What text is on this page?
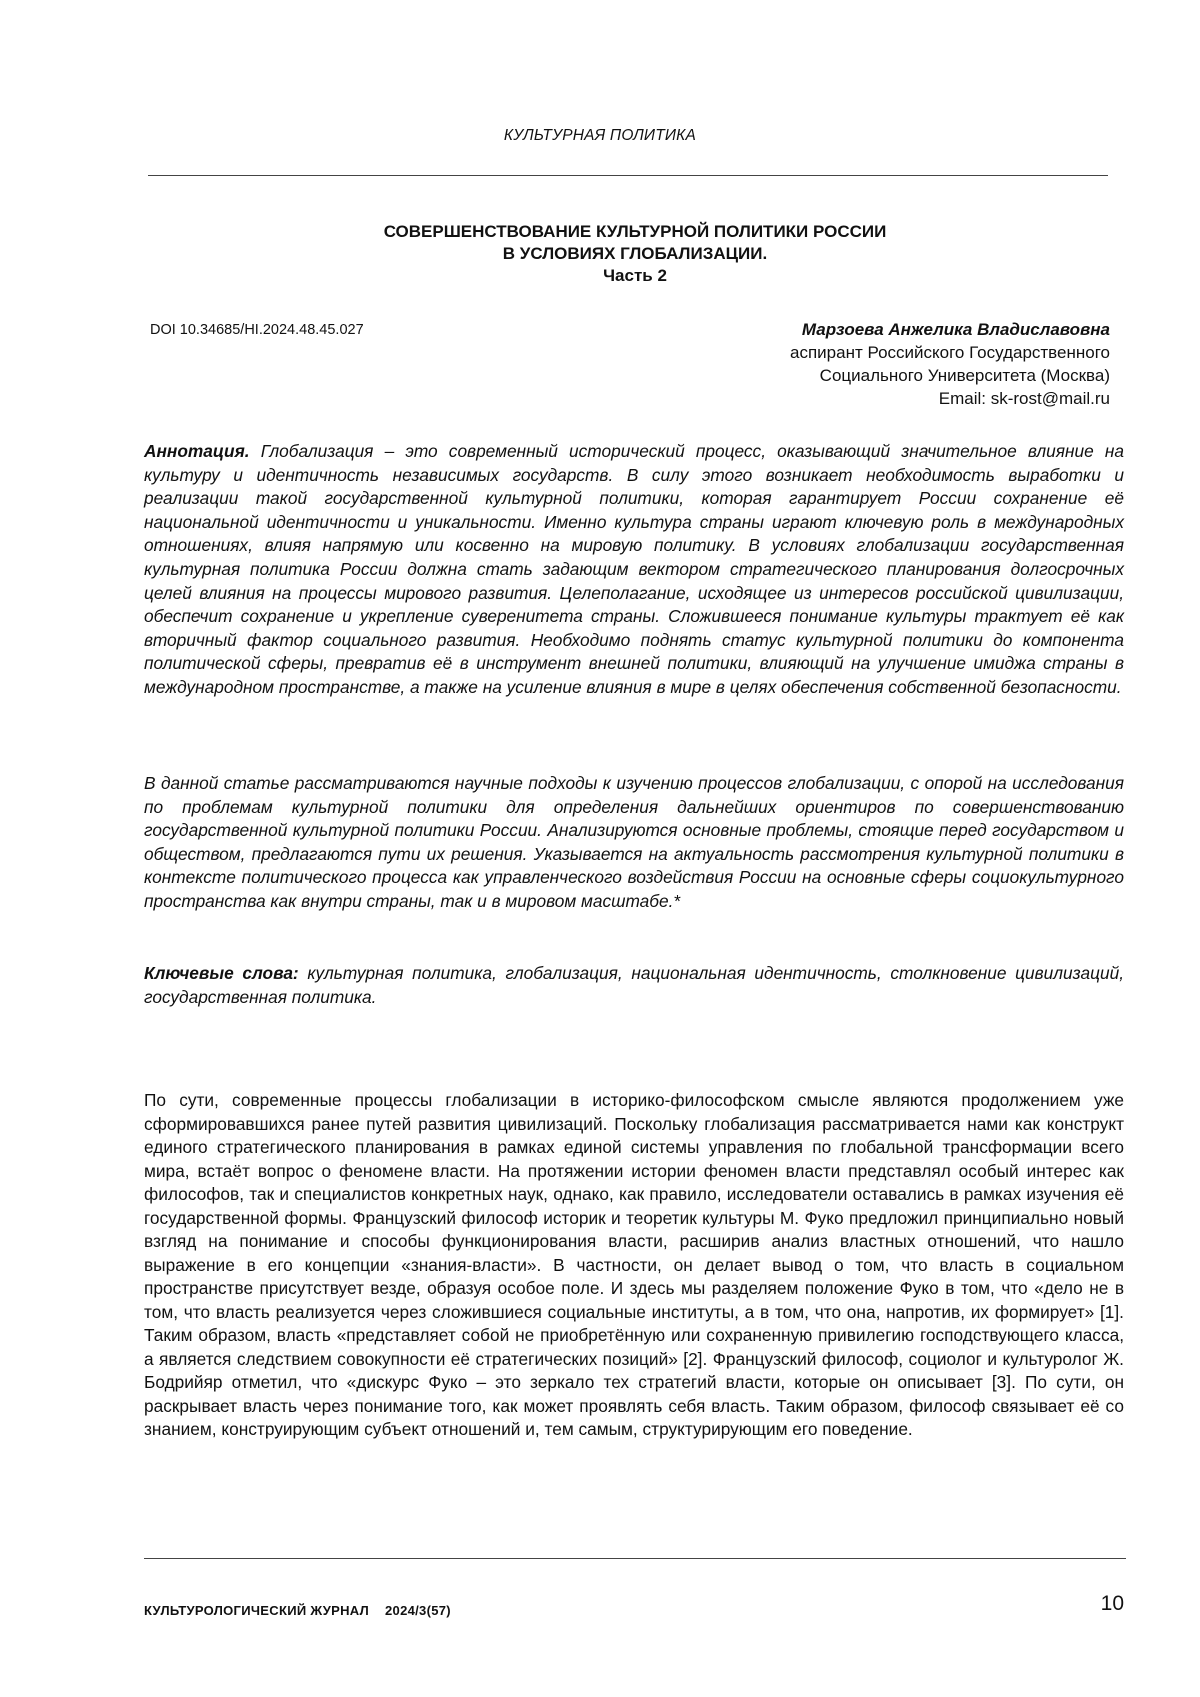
КУЛЬТУРНАЯ ПОЛИТИКА
СОВЕРШЕНСТВОВАНИЕ КУЛЬТУРНОЙ ПОЛИТИКИ РОССИИ
В УСЛОВИЯХ ГЛОБАЛИЗАЦИИ.
Часть 2
DOI 10.34685/HI.2024.48.45.027	Марзоева Анжелика Владиславовна
аспирант Российского Государственного
Социального Университета (Москва)
Email: sk-rost@mail.ru
Аннотация. Глобализация – это современный исторический процесс, оказывающий значительное влияние на культуру и идентичность независимых государств. В силу этого возникает необходимость выработки и реализации такой государственной культурной политики, которая гарантирует России сохранение её национальной идентичности и уникальности. Именно культура страны играют ключевую роль в международных отношениях, влияя напрямую или косвенно на мировую политику. В условиях глобализации государственная культурная политика России должна стать задающим вектором стратегического планирования долгосрочных целей влияния на процессы мирового развития. Целеполагание, исходящее из интересов российской цивилизации, обеспечит сохранение и укрепление суверенитета страны. Сложившееся понимание культуры трактует её как вторичный фактор социального развития. Необходимо поднять статус культурной политики до компонента политической сферы, превратив её в инструмент внешней политики, влияющий на улучшение имиджа страны в международном пространстве, а также на усиление влияния в мире в целях обеспечения собственной безопасности.
В данной статье рассматриваются научные подходы к изучению процессов глобализации, с опорой на исследования по проблемам культурной политики для определения дальнейших ориентиров по совершенствованию государственной культурной политики России. Анализируются основные проблемы, стоящие перед государством и обществом, предлагаются пути их решения. Указывается на актуальность рассмотрения культурной политики в контексте политического процесса как управленческого воздействия России на основные сферы социокультурного пространства как внутри страны, так и в мировом масштабе.*
Ключевые слова: культурная политика, глобализация, национальная идентичность, столкновение цивилизаций, государственная политика.
По сути, современные процессы глобализации в историко-философском смысле являются продолжением уже сформировавшихся ранее путей развития цивилизаций. Поскольку глобализация рассматривается нами как конструкт единого стратегического планирования в рамках единой системы управления по глобальной трансформации всего мира, встаёт вопрос о феномене власти. На протяжении истории феномен власти представлял особый интерес как философов, так и специалистов конкретных наук, однако, как правило, исследователи оставались в рамках изучения её государственной формы. Французский философ историк и теоретик культуры М. Фуко предложил принципиально новый взгляд на понимание и способы функционирования власти, расширив анализ властных отношений, что нашло выражение в его концепции «знания-власти». В частности, он делает вывод о том, что власть в социальном пространстве присутствует везде, образуя особое поле. И здесь мы разделяем положение Фуко в том, что «дело не в том, что власть реализуется через сложившиеся социальные институты, а в том, что она, напротив, их формирует» [1]. Таким образом, власть «представляет собой не приобретённую или сохраненную привилегию господствующего класса, а является следствием совокупности её стратегических позиций» [2]. Французский философ, социолог и культуролог Ж. Бодрийяр отметил, что «дискурс Фуко – это зеркало тех стратегий власти, которые он описывает [3]. По сути, он раскрывает власть через понимание того, как может проявлять себя власть. Таким образом, философ связывает её со знанием, конструирующим субъект отношений и, тем самым, структурирующим его поведение.
КУЛЬТУРОЛОГИЧЕСКИЙ ЖУРНАЛ 2024/3(57)	10
